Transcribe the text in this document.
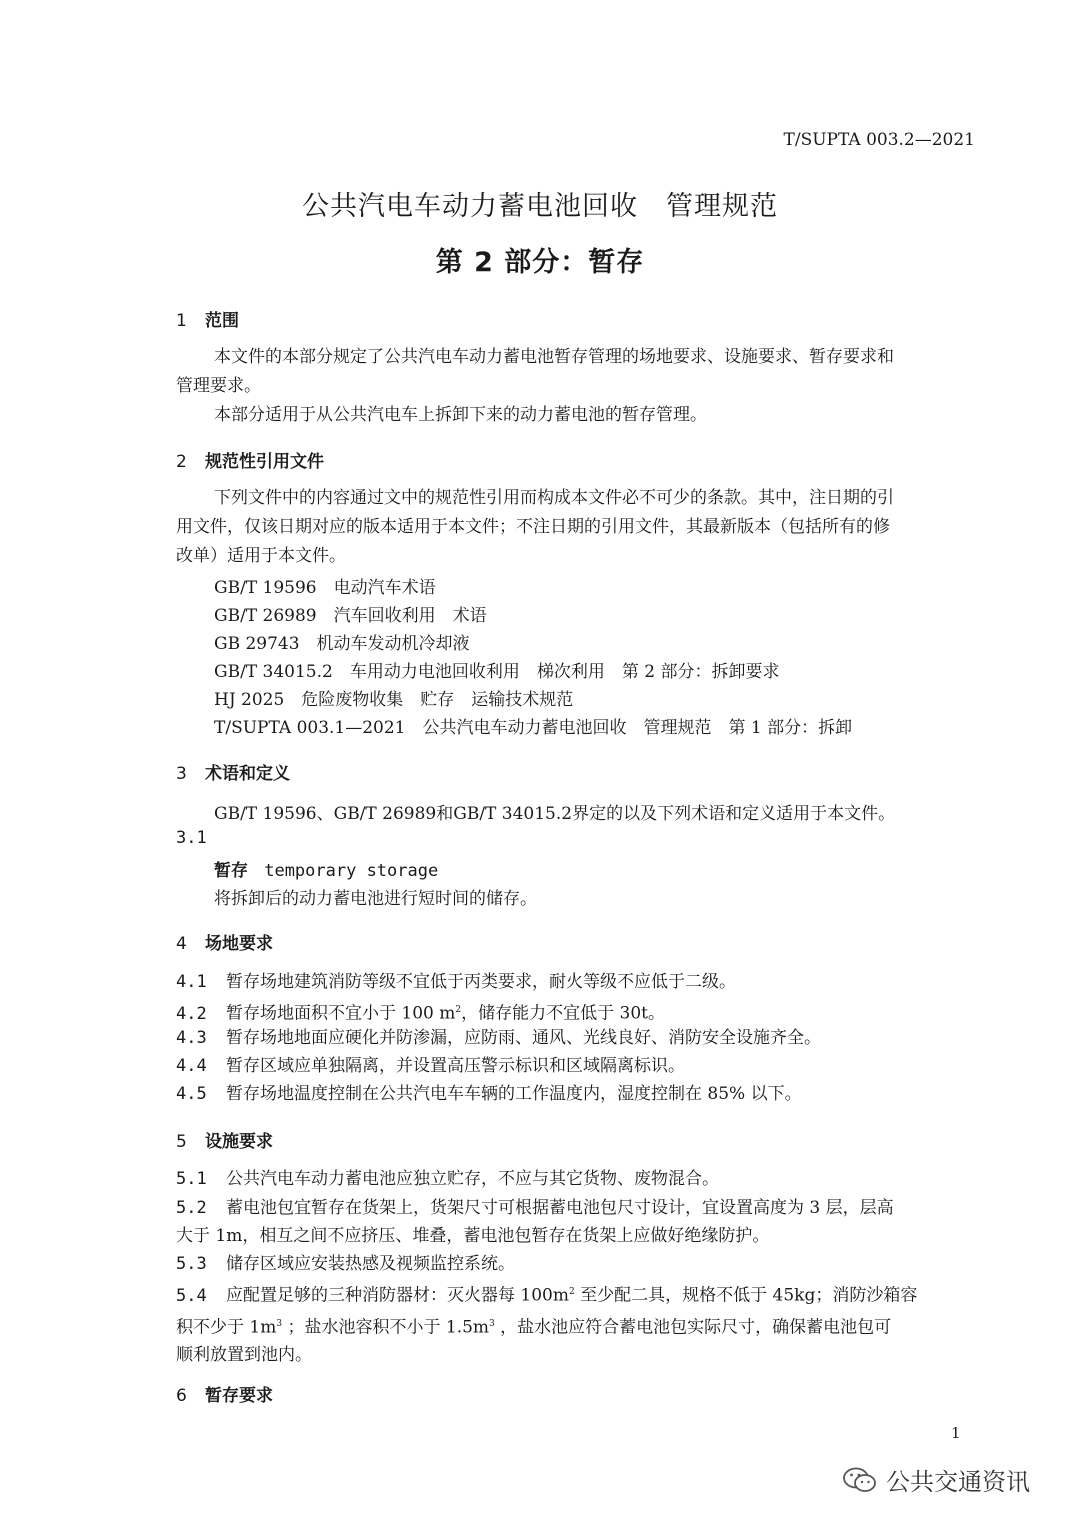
T/SUPTA 003.2—2021
公共汽电车动力蓄电池回收　管理规范
第 2 部分：暂存
1 范围
本文件的本部分规定了公共汽电车动力蓄电池暂存管理的场地要求、设施要求、暂存要求和
管理要求。
本部分适用于从公共汽电车上拆卸下来的动力蓄电池的暂存管理。
2 规范性引用文件
下列文件中的内容通过文中的规范性引用而构成本文件必不可少的条款。其中，注日期的引
用文件，仅该日期对应的版本适用于本文件；不注日期的引用文件，其最新版本（包括所有的修
改单）适用于本文件。
GB/T 19596　电动汽车术语
GB/T 26989　汽车回收利用　术语
GB 29743　机动车发动机冷却液
GB/T 34015.2　车用动力电池回收利用　梯次利用　第 2 部分：拆卸要求
HJ 2025　危险废物收集　贮存　运输技术规范
T/SUPTA 003.1—2021　公共汽电车动力蓄电池回收　管理规范　第 1 部分：拆卸
3 术语和定义
GB/T 19596、GB/T 26989和GB/T 34015.2界定的以及下列术语和定义适用于本文件。
3.1
暂存 temporary storage
将拆卸后的动力蓄电池进行短时间的储存。
4 场地要求
4.1 暂存场地建筑消防等级不宜低于丙类要求，耐火等级不应低于二级。
4.2 暂存场地面积不宜小于 100 $m^2$，储存能力不宜低于 30t。
4.3 暂存场地地面应硬化并防渗漏，应防雨、通风、光线良好、消防安全设施齐全。
4.4 暂存区域应单独隔离，并设置高压警示标识和区域隔离标识。
4.5 暂存场地温度控制在公共汽电车车辆的工作温度内，湿度控制在 85% 以下。
5 设施要求
5.1 公共汽电车动力蓄电池应独立贮存，不应与其它货物、废物混合。
5.2 蓄电池包宜暂存在货架上，货架尺寸可根据蓄电池包尺寸设计，宜设置高度为 3 层，层高
大于 1m，相互之间不应挤压、堆叠，蓄电池包暂存在货架上应做好绝缘防护。
5.3 储存区域应安装热感及视频监控系统。
5.4 应配置足够的三种消防器材：灭火器每 $100m^2$ 至少配二具，规格不低于 45kg；消防沙箱容
积不少于 $1m^3$ ；盐水池容积不小于 $1.5m^3$ ，盐水池应符合蓄电池包实际尺寸，确保蓄电池包可
顺利放置到池内。
6 暂存要求
1
公共交通资讯
